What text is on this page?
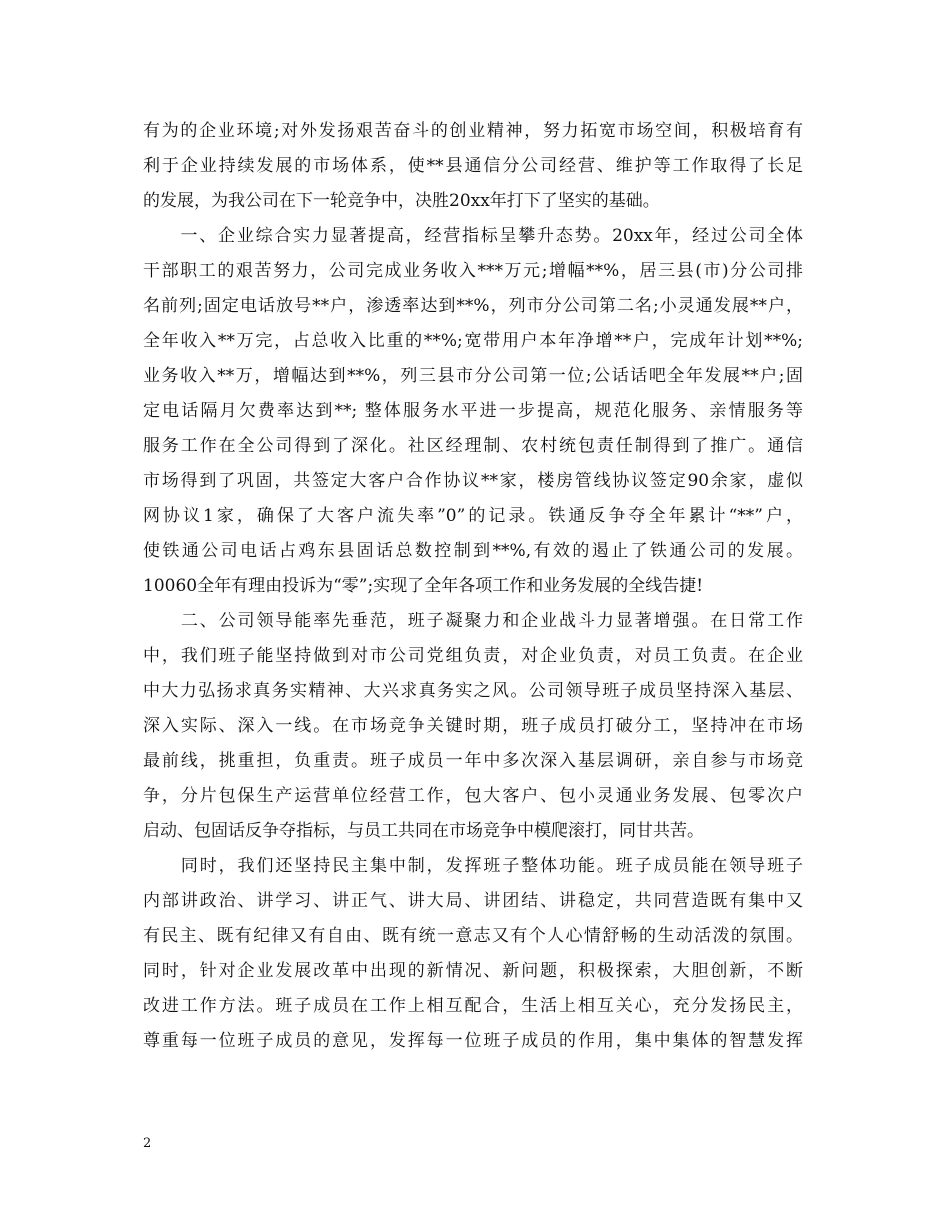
有为的企业环境;对外发扬艰苦奋斗的创业精神，努力拓宽市场空间，积极培育有
利于企业持续发展的市场体系，使**县通信分公司经营、维护等工作取得了长足
的发展，为我公司在下一轮竞争中，决胜20xx年打下了坚实的基础。
　　一、企业综合实力显著提高，经营指标呈攀升态势。20xx年，经过公司全体
干部职工的艰苦努力，公司完成业务收入***万元;增幅**%，居三县(市)分公司排
名前列;固定电话放号**户，渗透率达到**%，列市分公司第二名;小灵通发展**户，
全年收入**万完，占总收入比重的**%;宽带用户本年净增**户，完成年计划**%;
业务收入**万，增幅达到**%，列三县市分公司第一位;公话话吧全年发展**户;固
定电话隔月欠费率达到**; 整体服务水平进一步提高，规范化服务、亲情服务等
服务工作在全公司得到了深化。社区经理制、农村统包责任制得到了推广。通信
市场得到了巩固，共签定大客户合作协议**家，楼房管线协议签定90余家，虚似
网协议1家，确保了大客户流失率”0”的记录。铁通反争夺全年累计“**”户，
使铁通公司电话占鸡东县固话总数控制到**%,有效的遏止了铁通公司的发展。
10060全年有理由投诉为“零”;实现了全年各项工作和业务发展的全线告捷!
　　二、公司领导能率先垂范，班子凝聚力和企业战斗力显著增强。在日常工作
中，我们班子能坚持做到对市公司党组负责，对企业负责，对员工负责。在企业
中大力弘扬求真务实精神、大兴求真务实之风。公司领导班子成员坚持深入基层、
深入实际、深入一线。在市场竞争关键时期，班子成员打破分工，坚持冲在市场
最前线，挑重担，负重责。班子成员一年中多次深入基层调研，亲自参与市场竞
争，分片包保生产运营单位经营工作，包大客户、包小灵通业务发展、包零次户
启动、包固话反争夺指标，与员工共同在市场竞争中模爬滚打，同甘共苦。
　　同时，我们还坚持民主集中制，发挥班子整体功能。班子成员能在领导班子
内部讲政治、讲学习、讲正气、讲大局、讲团结、讲稳定，共同营造既有集中又
有民主、既有纪律又有自由、既有统一意志又有个人心情舒畅的生动活泼的氛围。
同时，针对企业发展改革中出现的新情况、新问题，积极探索，大胆创新，不断
改进工作方法。班子成员在工作上相互配合，生活上相互关心，充分发扬民主，
尊重每一位班子成员的意见，发挥每一位班子成员的作用，集中集体的智慧发挥
2
